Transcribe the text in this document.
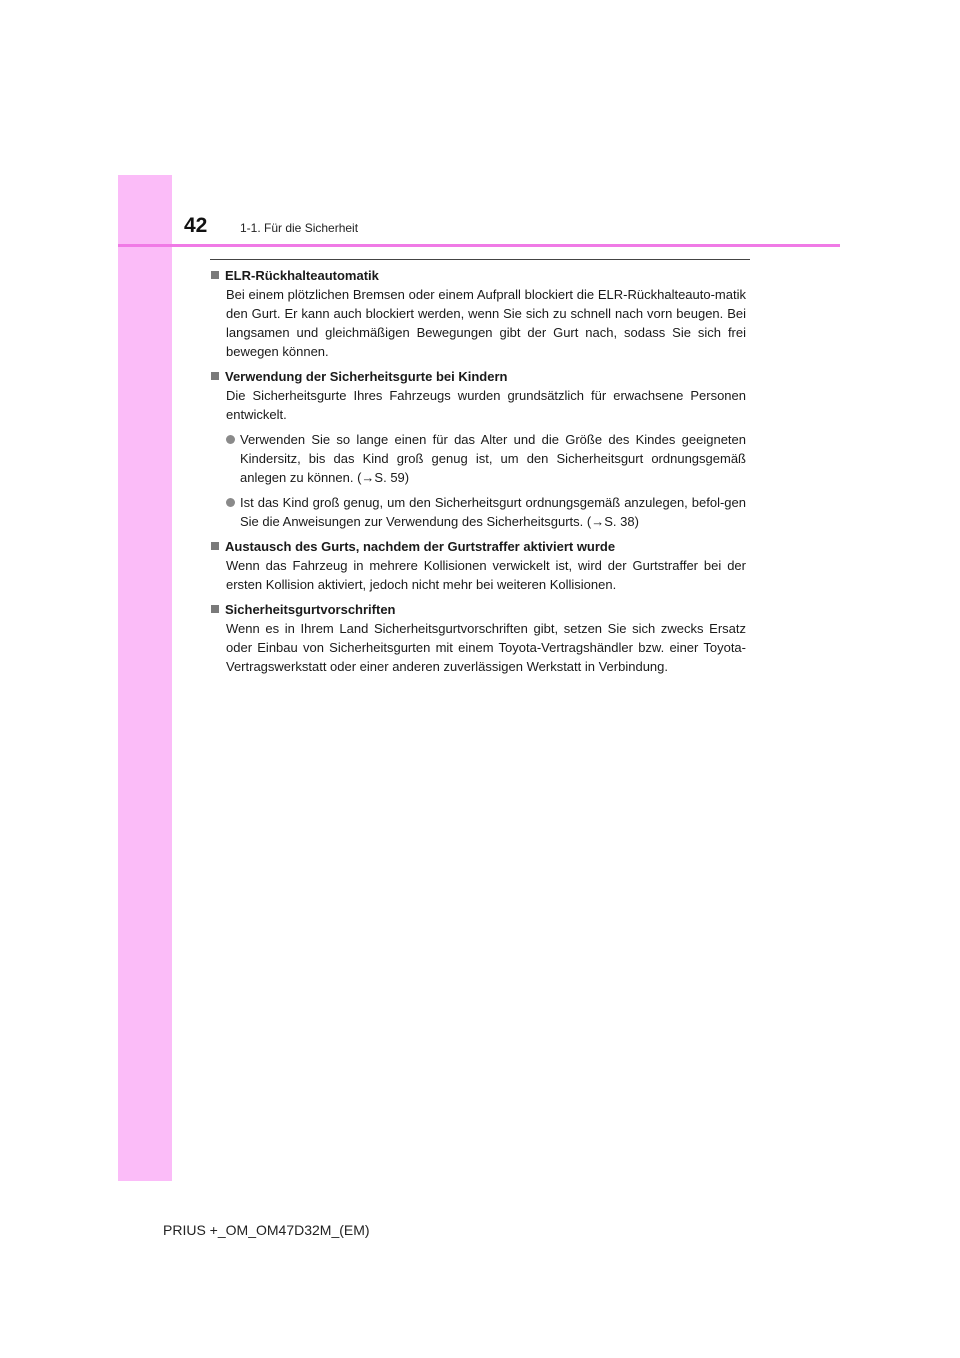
42	1-1. Für die Sicherheit
ELR-Rückhalteautomatik
Bei einem plötzlichen Bremsen oder einem Aufprall blockiert die ELR-Rückhalteauto-matik den Gurt. Er kann auch blockiert werden, wenn Sie sich zu schnell nach vorn beugen. Bei langsamen und gleichmäßigen Bewegungen gibt der Gurt nach, sodass Sie sich frei bewegen können.
Verwendung der Sicherheitsgurte bei Kindern
Die Sicherheitsgurte Ihres Fahrzeugs wurden grundsätzlich für erwachsene Personen entwickelt.
Verwenden Sie so lange einen für das Alter und die Größe des Kindes geeigneten Kindersitz, bis das Kind groß genug ist, um den Sicherheitsgurt ordnungsgemäß anlegen zu können. (→S. 59)
Ist das Kind groß genug, um den Sicherheitsgurt ordnungsgemäß anzulegen, befol-gen Sie die Anweisungen zur Verwendung des Sicherheitsgurts. (→S. 38)
Austausch des Gurts, nachdem der Gurtstraffer aktiviert wurde
Wenn das Fahrzeug in mehrere Kollisionen verwickelt ist, wird der Gurtstraffer bei der ersten Kollision aktiviert, jedoch nicht mehr bei weiteren Kollisionen.
Sicherheitsgurtvorschriften
Wenn es in Ihrem Land Sicherheitsgurtvorschriften gibt, setzen Sie sich zwecks Ersatz oder Einbau von Sicherheitsgurten mit einem Toyota-Vertragshändler bzw. einer Toyota-Vertragswerkstatt oder einer anderen zuverlässigen Werkstatt in Verbindung.
PRIUS +_OM_OM47D32M_(EM)
